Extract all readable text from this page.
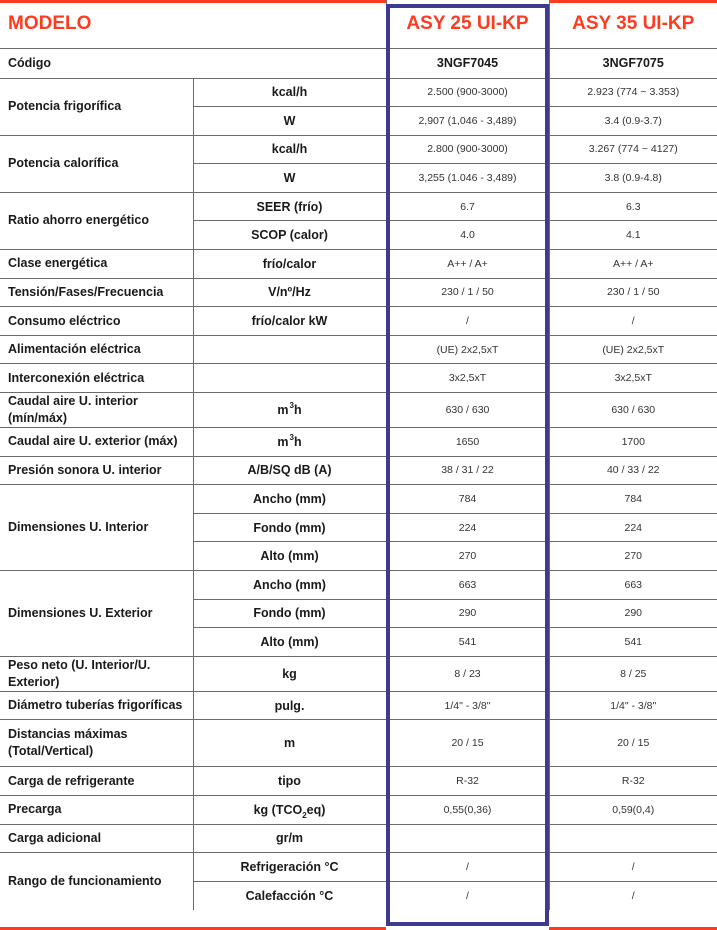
MODELO		ASY 25 UI-KP	ASY 35 UI-KP
Código		3NGF7045	3NGF7075
Potencia frigorífica	kcal/h	2.500 (900-3000)	2.923 (774 ~ 3.353)
	W	2,907 (1,046 - 3,489)	3.4 (0.9-3.7)
Potencia calorífica	kcal/h	2.800 (900-3000)	3.267 (774 ~ 4127)
	W	3,255 (1.046 - 3,489)	3.8 (0.9-4.8)
Ratio ahorro energético	SEER (frío)	6.7	6.3
	SCOP (calor)	4.0	4.1
Clase energética	frío/calor	A++ / A+	A++ / A+
Tensión/Fases/Frecuencia	V/nº/Hz	230 / 1 / 50	230 / 1 / 50
Consumo eléctrico	frío/calor kW	/	/
Alimentación eléctrica		(UE) 2x2,5xT	(UE) 2x2,5xT
Interconexión eléctrica		3x2,5xT	3x2,5xT
Caudal aire U. interior (mín/máx)	$m^3h$	630 / 630	630 / 630
Caudal aire U. exterior (máx)	$m^3h$	1650	1700
Presión sonora U. interior	A/B/SQ dB (A)	38 / 31 / 22	40 / 33 / 22
Dimensiones U. Interior	Ancho (mm)	784	784
	Fondo (mm)	224	224
	Alto (mm)	270	270
Dimensiones U. Exterior	Ancho (mm)	663	663
	Fondo (mm)	290	290
	Alto (mm)	541	541
Peso neto (U. Interior/U. Exterior)	kg	8 / 23	8 / 25
Diámetro tuberías frigoríficas	pulg.	1/4" - 3/8"	1/4" - 3/8"
Distancias máximas (Total/Vertical)	m	20 / 15	20 / 15
Carga de refrigerante	tipo	R-32	R-32
Precarga	kg $(TCO_2eq)$	0,55(0,36)	0,59(0,4)
Carga adicional	gr/m		
Rango de funcionamiento	Refrigeración °C	/	/
	Calefacción °C	/	/
